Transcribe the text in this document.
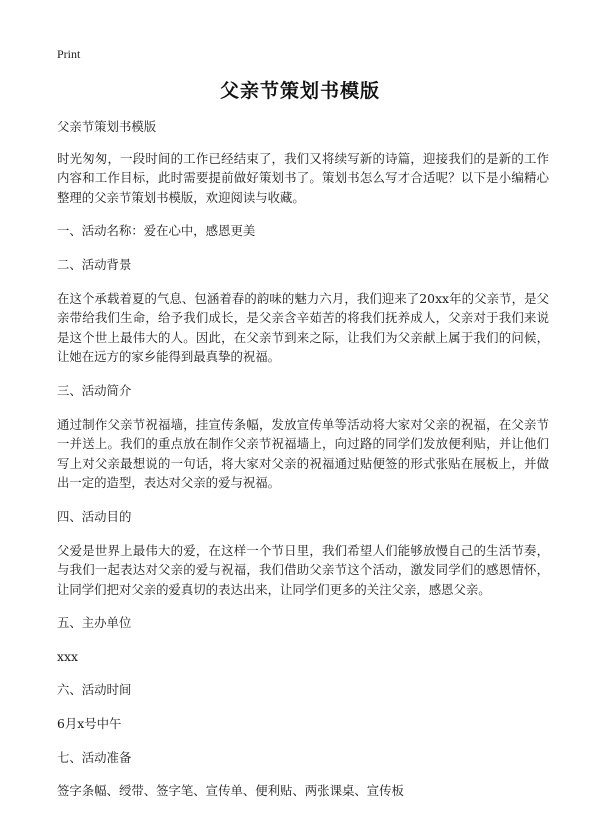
Print
父亲节策划书模版

父亲节策划书模版

时光匆匆，一段时间的工作已经结束了，我们又将续写新的诗篇，迎接我们的是新的工作内容和工作目标，此时需要提前做好策划书了。策划书怎么写才合适呢？以下是小编精心整理的父亲节策划书模版，欢迎阅读与收藏。

一、活动名称：爱在心中，感恩更美

二、活动背景

在这个承载着夏的气息、包涵着春的韵味的魅力六月，我们迎来了20xx年的父亲节，是父亲带给我们生命，给予我们成长，是父亲含辛茹苦的将我们抚养成人，父亲对于我们来说是这个世上最伟大的人。因此，在父亲节到来之际，让我们为父亲献上属于我们的问候，让她在远方的家乡能得到最真挚的祝福。

三、活动简介

通过制作父亲节祝福墙，挂宣传条幅，发放宣传单等活动将大家对父亲的祝福，在父亲节一并送上。我们的重点放在制作父亲节祝福墙上，向过路的同学们发放便利贴，并让他们写上对父亲最想说的一句话，将大家对父亲的祝福通过贴便签的形式张贴在展板上，并做出一定的造型，表达对父亲的爱与祝福。

四、活动目的

父爱是世界上最伟大的爱，在这样一个节日里，我们希望人们能够放慢自己的生活节奏，与我们一起表达对父亲的爱与祝福，我们借助父亲节这个活动，激发同学们的感恩情怀，让同学们把对父亲的爱真切的表达出来，让同学们更多的关注父亲，感恩父亲。

五、主办单位

xxx

六、活动时间

6月x号中午

七、活动准备

签字条幅、绶带、签字笔、宣传单、便利贴、两张课桌、宣传板
